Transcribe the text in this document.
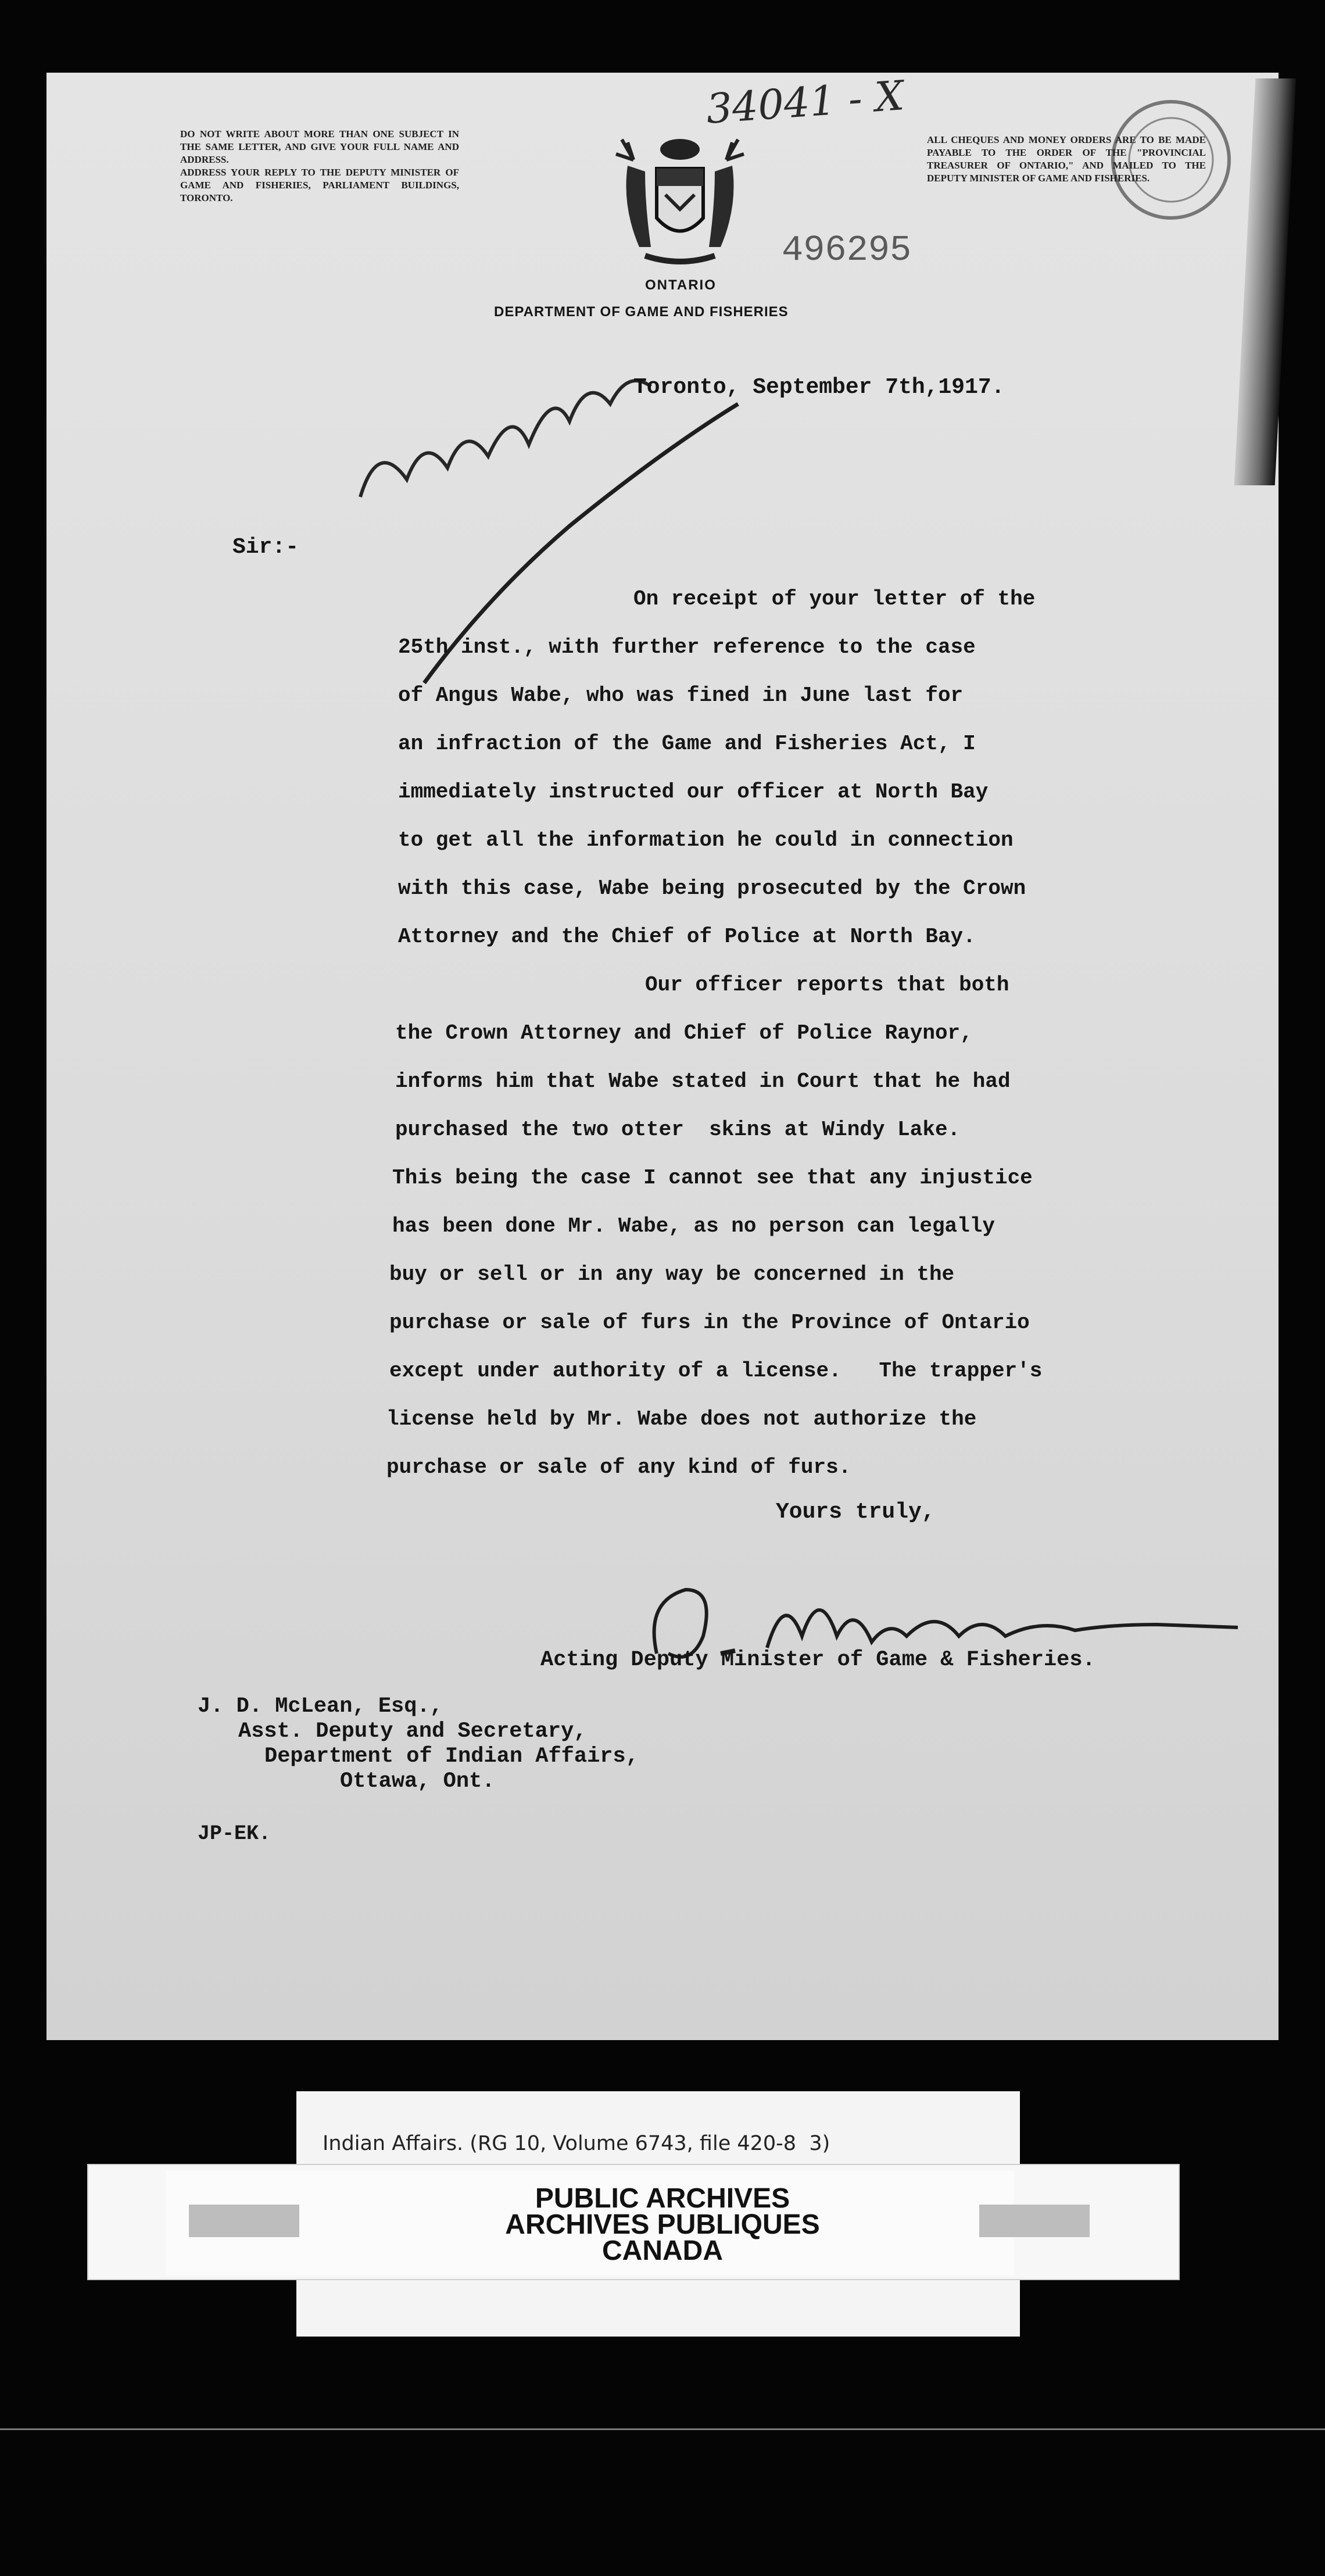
DO NOT WRITE ABOUT MORE THAN ONE SUBJECT IN THE SAME LETTER, AND GIVE YOUR FULL NAME AND ADDRESS.
ADDRESS YOUR REPLY TO THE DEPUTY MINISTER OF GAME AND FISHERIES, PARLIAMENT BUILDINGS, TORONTO.

ONTARIO
DEPARTMENT OF GAME AND FISHERIES
34041 - X
496295

ALL CHEQUES AND MONEY ORDERS ARE TO BE MADE PAYABLE TO THE ORDER OF THE "PROVINCIAL TREASURER OF ONTARIO," AND MAILED TO THE DEPUTY MINISTER OF GAME AND FISHERIES.

Toronto, September 7th,1917.
Sir:-

On receipt of your letter of the

25th inst., with further reference to the case

of Angus Wabe, who was fined in June last for

an infraction of the Game and Fisheries Act, I

immediately instructed our officer at North Bay

to get all the information he could in connection

with this case, Wabe being prosecuted by the Crown

Attorney and the Chief of Police at North Bay.

Our officer reports that both

the Crown Attorney and Chief of Police Raynor,

informs him that Wabe stated in Court that he had

purchased the two otter  skins at Windy Lake.

This being the case I cannot see that any injustice

has been done Mr. Wabe, as no person can legally

buy or sell or in any way be concerned in the

purchase or sale of furs in the Province of Ontario

except under authority of a license.   The trapper's

license held by Mr. Wabe does not authorize the

purchase or sale of any kind of furs.

Yours truly,
Acting Deputy Minister of Game & Fisheries.

J. D. McLean, Esq.,

Asst. Deputy and Secretary,

Department of Indian Affairs,

Ottawa, Ont.

JP-EK.
Indian Affairs. (RG 10, Volume 6743, file 420-8  3)
PUBLIC ARCHIVES
ARCHIVES PUBLIQUES
CANADA
